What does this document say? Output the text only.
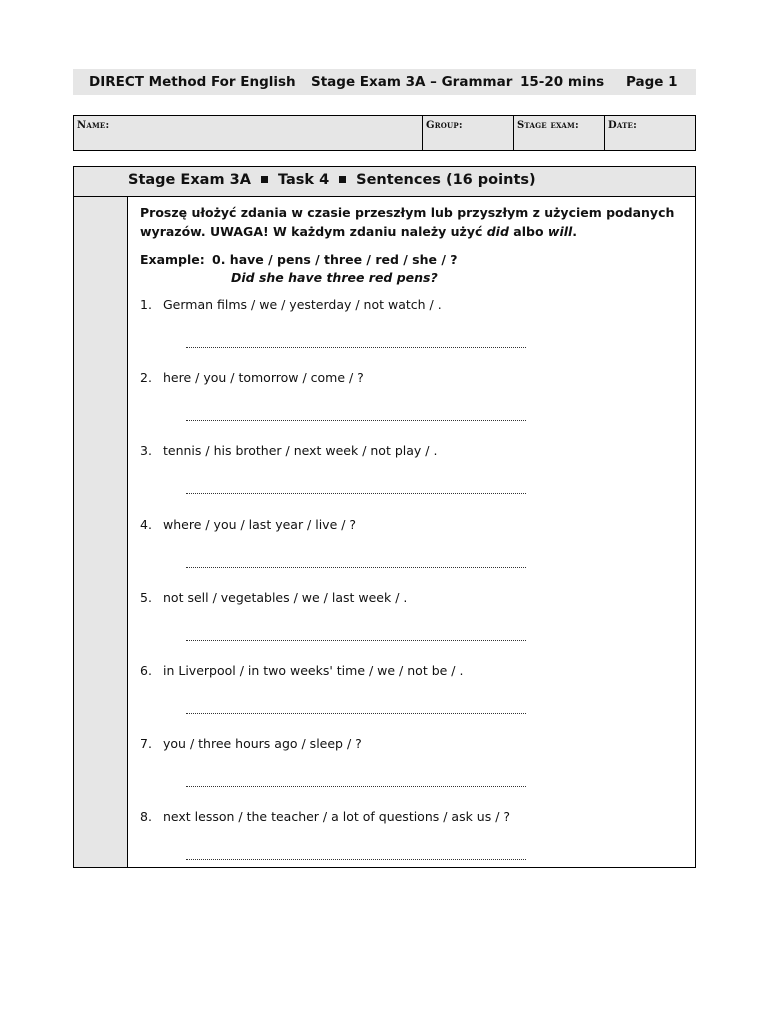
DIRECT Method For English Stage Exam 3A – Grammar 15-20 mins Page 1
Name:	Group:	Stage exam:	Date:
Stage Exam 3A Task 4 Sentences (16 points)

Proszę ułożyć zdania w czasie przeszłym lub przyszłym z użyciem podanych wyrazów. UWAGA! W każdym zdaniu należy użyć did albo will.

Example: 0. have / pens / three / red / she / ?
Did she have three red pens?
1. German films / we / yesterday / not watch / .
2. here / you / tomorrow / come / ?
3. tennis / his brother / next week / not play / .
4. where / you / last year / live / ?
5. not sell / vegetables / we / last week / .
6. in Liverpool / in two weeks' time / we / not be / .
7. you / three hours ago / sleep / ?
8. next lesson / the teacher / a lot of questions / ask us / ?
